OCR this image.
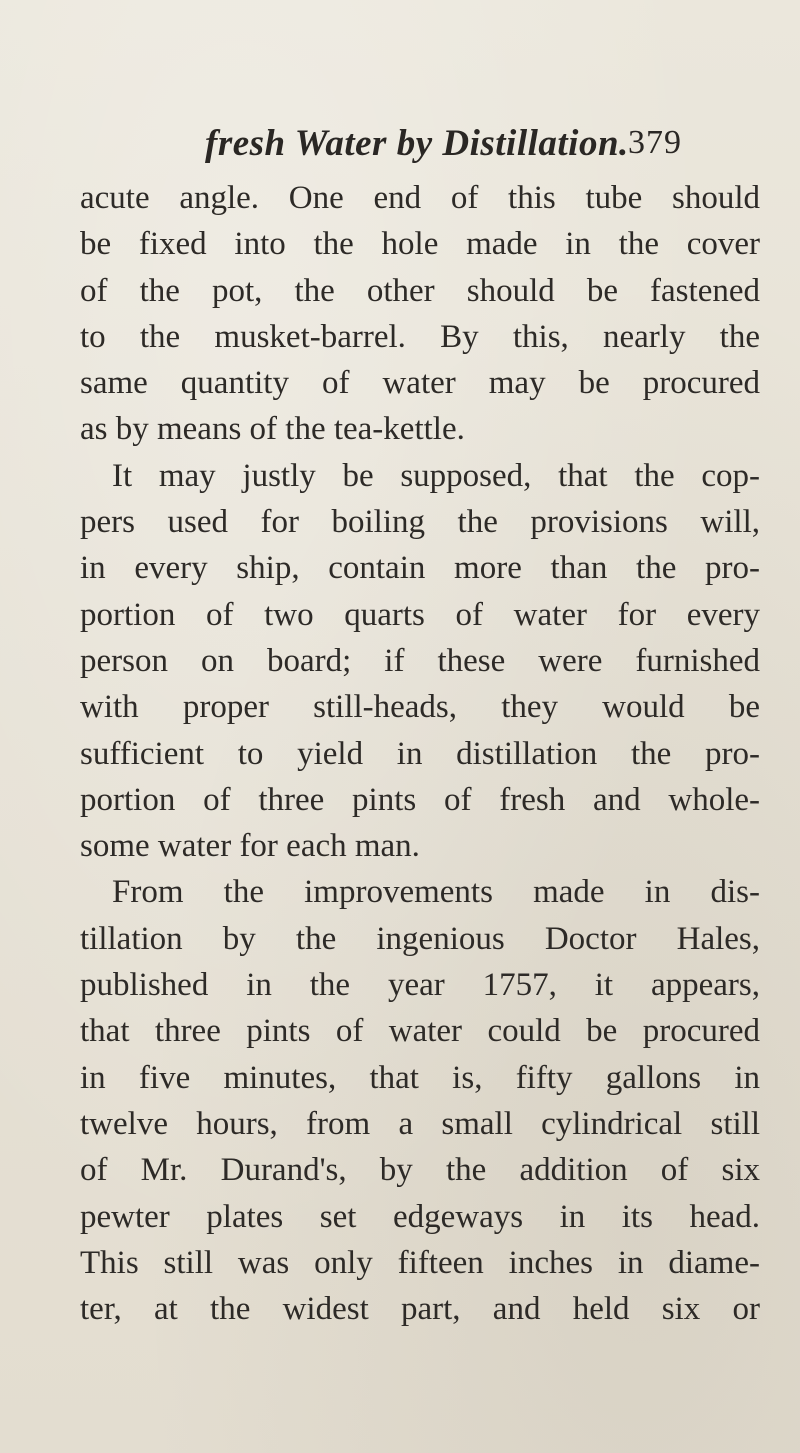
fresh Water by Distillation. 379
acute angle. One end of this tube should
be fixed into the hole made in the cover
of the pot, the other should be fastened
to the musket-barrel. By this, nearly the
same quantity of water may be procured
as by means of the tea-kettle.
It may justly be supposed, that the cop-
pers used for boiling the provisions will,
in every ship, contain more than the pro-
portion of two quarts of water for every
person on board; if these were furnished
with proper still-heads, they would be
sufficient to yield in distillation the pro-
portion of three pints of fresh and whole-
some water for each man.
From the improvements made in dis-
tillation by the ingenious Doctor Hales,
published in the year 1757, it appears,
that three pints of water could be procured
in five minutes, that is, fifty gallons in
twelve hours, from a small cylindrical still
of Mr. Durand's, by the addition of six
pewter plates set edgeways in its head.
This still was only fifteen inches in diame-
ter, at the widest part, and held six or
